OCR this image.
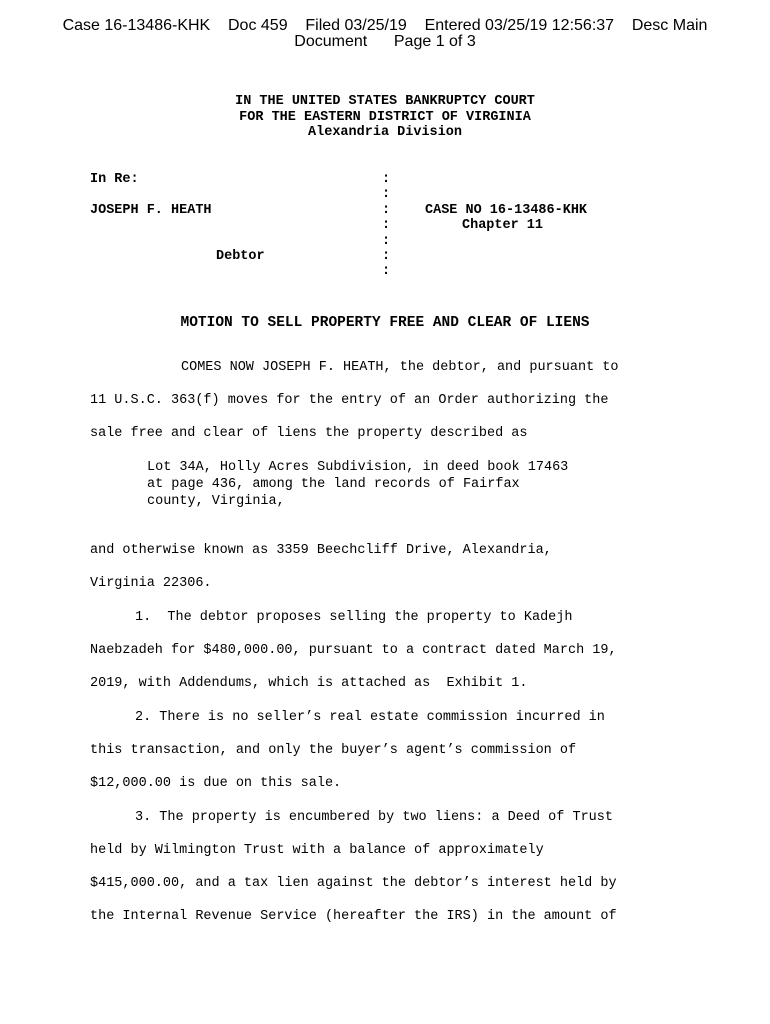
Case 16-13486-KHK    Doc 459    Filed 03/25/19    Entered 03/25/19 12:56:37    Desc Main
Document      Page 1 of 3
IN THE UNITED STATES BANKRUPTCY COURT
FOR THE EASTERN DISTRICT OF VIRGINIA
Alexandria Division
In Re:
JOSEPH F. HEATH
Debtor
:
:
:
:
:
:
:
CASE NO 16-13486-KHK
Chapter 11
MOTION TO SELL PROPERTY FREE AND CLEAR OF LIENS
COMES NOW JOSEPH F. HEATH, the debtor, and pursuant to
11 U.S.C. 363(f) moves for the entry of an Order authorizing the
sale free and clear of liens the property described as
Lot 34A, Holly Acres Subdivision, in deed book 17463
at page 436, among the land records of Fairfax
county, Virginia,
and otherwise known as 3359 Beechcliff Drive, Alexandria,
Virginia 22306.
1.  The debtor proposes selling the property to Kadejh
Naebzadeh for $480,000.00, pursuant to a contract dated March 19,
2019, with Addendums, which is attached as  Exhibit 1.
2. There is no seller’s real estate commission incurred in
this transaction, and only the buyer’s agent’s commission of
$12,000.00 is due on this sale.
3. The property is encumbered by two liens: a Deed of Trust
held by Wilmington Trust with a balance of approximately
$415,000.00, and a tax lien against the debtor’s interest held by
the Internal Revenue Service (hereafter the IRS) in the amount of
